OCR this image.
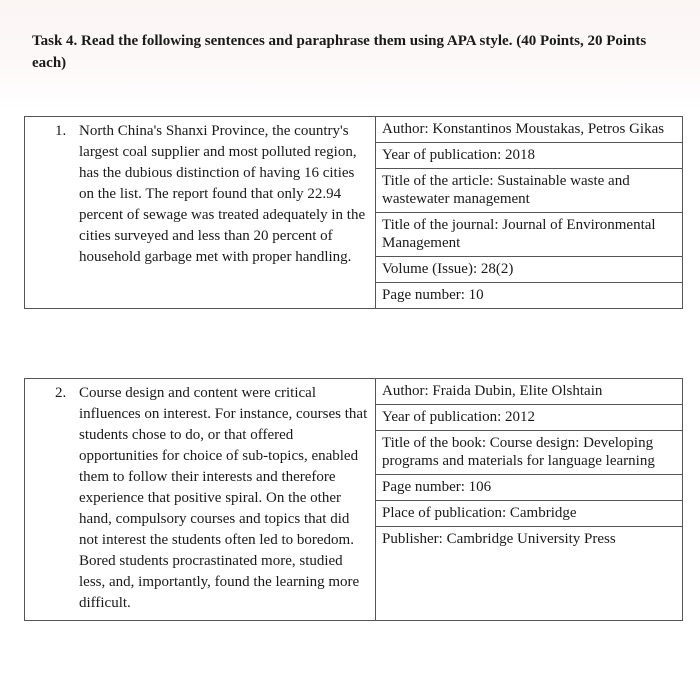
Task 4. Read the following sentences and paraphrase them using APA style. (40 Points, 20 Points each)
1. North China's Shanxi Province, the country's largest coal supplier and most polluted region, has the dubious distinction of having 16 cities on the list. The report found that only 22.94 percent of sewage was treated adequately in the cities surveyed and less than 20 percent of household garbage met with proper handling.

Author: Konstantinos Moustakas, Petros Gikas
Year of publication: 2018
Title of the article: Sustainable waste and wastewater management
Title of the journal: Journal of Environmental Management
Volume (Issue): 28(2)
Page number: 10
2. Course design and content were critical influences on interest. For instance, courses that students chose to do, or that offered opportunities for choice of sub-topics, enabled them to follow their interests and therefore experience that positive spiral. On the other hand, compulsory courses and topics that did not interest the students often led to boredom. Bored students procrastinated more, studied less, and, importantly, found the learning more difficult.

Author: Fraida Dubin, Elite Olshtain
Year of publication: 2012
Title of the book: Course design: Developing programs and materials for language learning
Page number: 106
Place of publication: Cambridge
Publisher: Cambridge University Press
